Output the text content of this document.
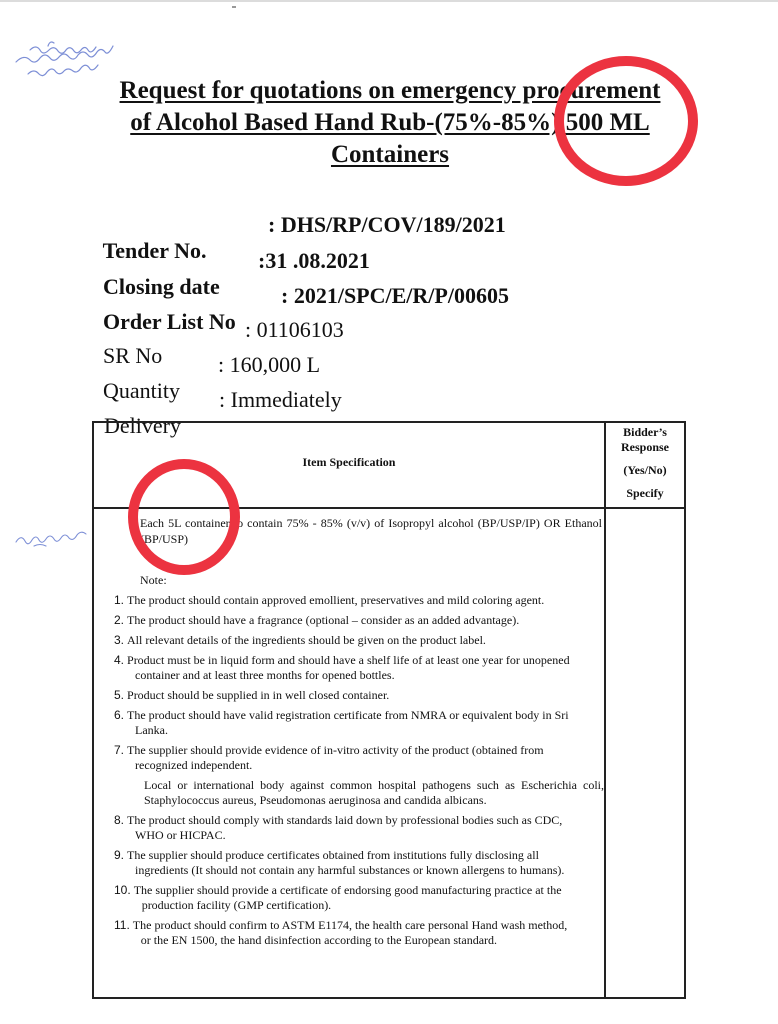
Request for quotations on emergency procurement
of Alcohol Based Hand Rub-(75%-85%) 500 ML
Containers

Tender No.

: DHS/RP/COV/189/2021

Closing date

:31 .08.2021

Order List No

: 2021/SPC/E/R/P/00605

SR No

: 01106103

Quantity

: 160,000 L

Delivery

: Immediately

Item Specification
Bidder’s
Response
(Yes/No)
Specify
Each 5L container to contain 75% - 85% (v/v) of Isopropyl alcohol (BP/USP/IP) OR Ethanol (BP/USP)
Note:
1. The product should contain approved emollient, preservatives and mild coloring agent.
2. The product should have a fragrance (optional – consider as an added advantage).
3. All relevant details of the ingredients should be given on the product label.
4. Product must be in liquid form and should have a shelf life of at least one year for unopened
container and at least three months for opened bottles.
5. Product should be supplied in in well closed container.
6. The product should have valid registration certificate from NMRA or equivalent body in Sri
Lanka.
7. The supplier should provide evidence of in-vitro activity of the product (obtained from
recognized independent.
Local or international body against common hospital pathogens such as Escherichia coli, Staphylococcus aureus, Pseudomonas aeruginosa and candida albicans.
8. The product should comply with standards laid down by professional bodies such as CDC,
WHO or HICPAC.
9. The supplier should produce certificates obtained from institutions fully disclosing all
ingredients (It should not contain any harmful substances or known allergens to humans).
10. The supplier should provide a certificate of endorsing good manufacturing practice at the
production facility (GMP certification).
11. The product should confirm to ASTM E1174, the health care personal Hand wash method,
or the EN 1500, the hand disinfection according to the European standard.
